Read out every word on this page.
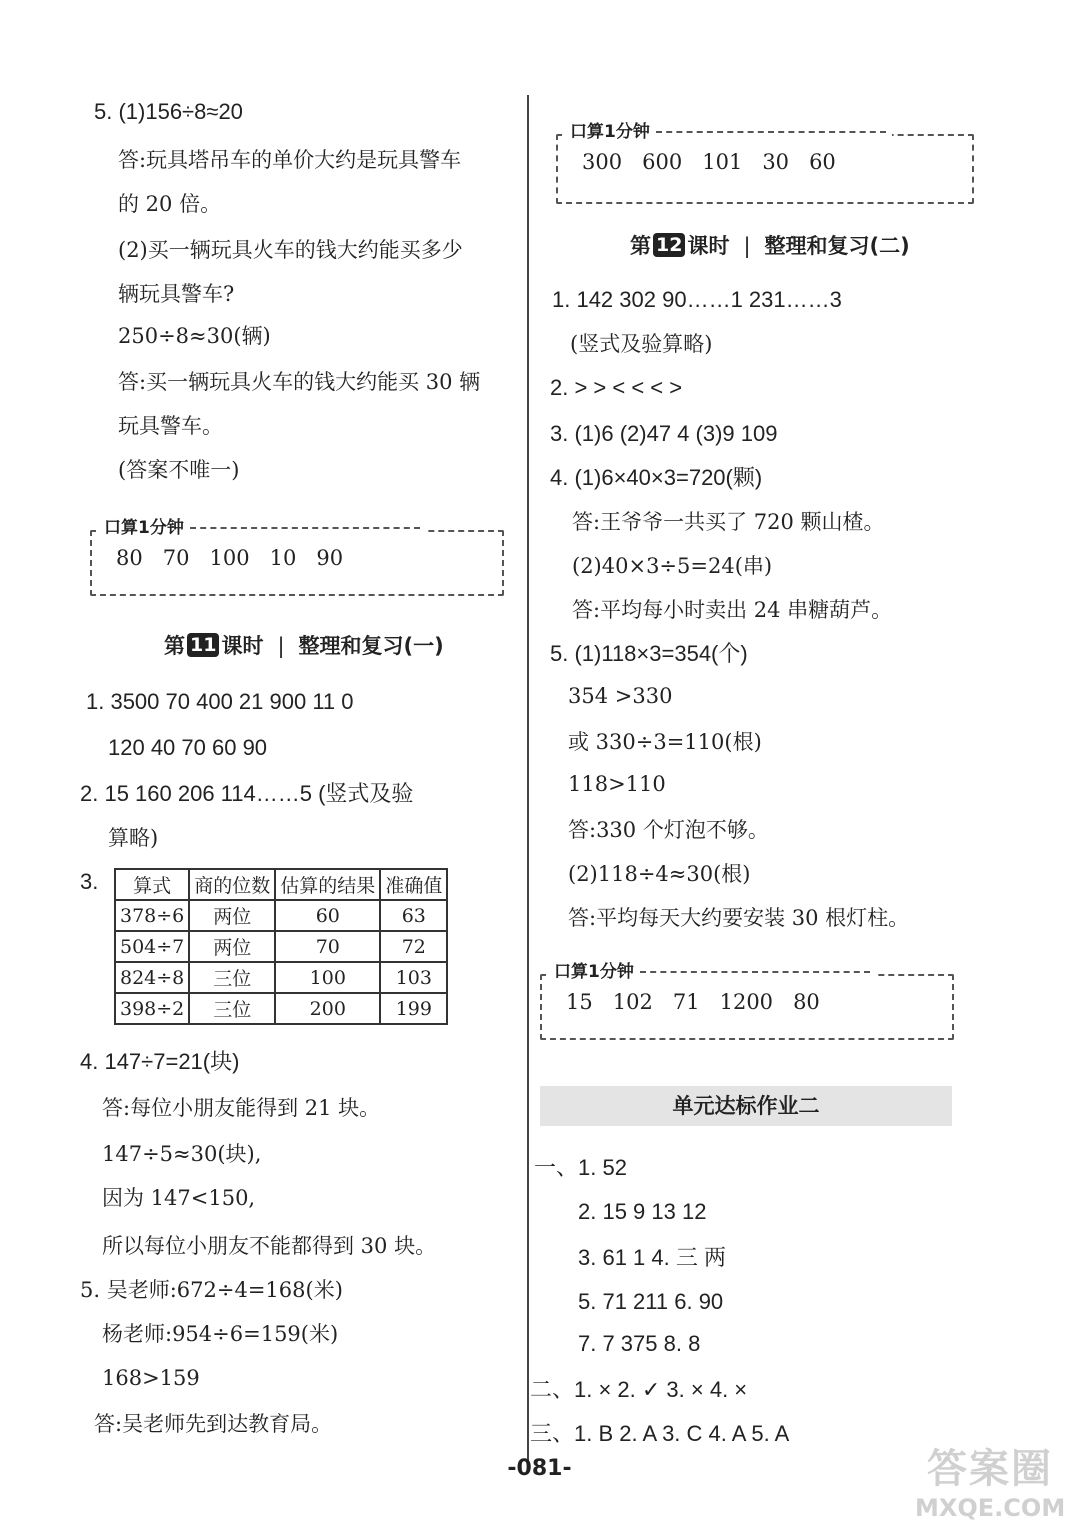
5. (1)156÷8≈20
答:玩具塔吊车的单价大约是玩具警车
的 20 倍。
(2)买一辆玩具火车的钱大约能买多少
辆玩具警车?
250÷8≈30(辆)
答:买一辆玩具火车的钱大约能买 30 辆
玩具警车。
(答案不唯一)
口算1分钟
80   70   100   10   90
第 11 课时 | 整理和复习(一)
1. 3500 70 400 21 900 11 0
120 40 70 60 90
2. 15 160 206 114……5 (竖式及验
算略)
3. 算式	商的位数	估算的结果	准确值
378÷6	两位	60	63
504÷7	两位	70	72
824÷8	三位	100	103
398÷2	三位	200	199
4. 147÷7=21(块)
答:每位小朋友能得到 21 块。
147÷5≈30(块),
因为 147<150,
所以每位小朋友不能都得到 30 块。
5. 吴老师:672÷4=168(米)
杨老师:954÷6=159(米)
168>159
答:吴老师先到达教育局。
口算1分钟
300   600   101   30   60
第 12 课时 | 整理和复习(二)
1. 142 302 90……1 231……3
(竖式及验算略)
2. > > < < < >
3. (1)6 (2)47 4 (3)9 109
4. (1)6×40×3=720(颗)
答:王爷爷一共买了 720 颗山楂。
(2)40×3÷5=24(串)
答:平均每小时卖出 24 串糖葫芦。
5. (1)118×3=354(个)
354 >330
或 330÷3=110(根)
118>110
答:330 个灯泡不够。
(2)118÷4≈30(根)
答:平均每天大约要安装 30 根灯柱。
口算1分钟
15   102   71   1200   80
单元达标作业二
一、1. 52
2. 15 9 13 12
3. 61 1 4. 三 两
5. 71 211 6. 90
7. 7 375 8. 8
二、1. × 2. ✓ 3. × 4. ×
三、1. B 2. A 3. C 4. A 5. A
-081-	答案圈
MXQE.COM
